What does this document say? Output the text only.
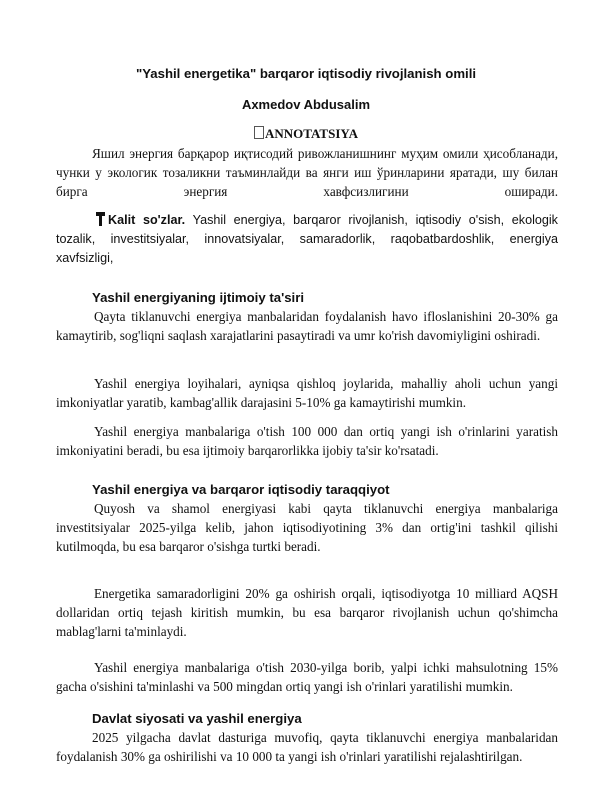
"Yashil energetika" barqaror iqtisodiy rivojlanish omili
Axmedov Abdusalim
ANNOTATSIYA

Яшил энергия барқарор иқтисодий ривожланишнинг муҳим омили ҳисобланади, чунки у экологик тозаликни таъминлайди ва янги иш ўринларини яратади, шу билан бирга энергия хавфсизлигини оширади.

Kalit so'zlar. Yashil energiya, barqaror rivojlanish, iqtisodiy o'sish, ekologik tozalik, investitsiyalar, innovatsiyalar, samaradorlik, raqobatbardoshlik, energiya xavfsizligi,

Yashil energiyaning ijtimoiy ta'siri

Qayta tiklanuvchi energiya manbalaridan foydalanish havo ifloslanishini 20-30% ga kamaytirib, sog'liqni saqlash xarajatlarini pasaytiradi va umr ko'rish davomiyligini oshiradi.

Yashil energiya loyihalari, ayniqsa qishloq joylarida, mahalliy aholi uchun yangi imkoniyatlar yaratib, kambag'allik darajasini 5-10% ga kamaytirishi mumkin.

Yashil energiya manbalariga o'tish 100 000 dan ortiq yangi ish o'rinlarini yaratish imkoniyatini beradi, bu esa ijtimoiy barqarorlikka ijobiy ta'sir ko'rsatadi.

Yashil energiya va barqaror iqtisodiy taraqqiyot

Quyosh va shamol energiyasi kabi qayta tiklanuvchi energiya manbalariga investitsiyalar 2025-yilga kelib, jahon iqtisodiyotining 3% dan ortig'ini tashkil qilishi kutilmoqda, bu esa barqaror o'sishga turtki beradi.

Energetika samaradorligini 20% ga oshirish orqali, iqtisodiyotga 10 milliard AQSH dollaridan ortiq tejash kiritish mumkin, bu esa barqaror rivojlanish uchun qo'shimcha mablag'larni ta'minlaydi.

Yashil energiya manbalariga o'tish 2030-yilga borib, yalpi ichki mahsulotning 15% gacha o'sishini ta'minlashi va 500 mingdan ortiq yangi ish o'rinlari yaratilishi mumkin.

Davlat siyosati va yashil energiya

2025 yilgacha davlat dasturiga muvofiq, qayta tiklanuvchi energiya manbalaridan foydalanish 30% ga oshirilishi va 10 000 ta yangi ish o'rinlari yaratilishi rejalashtirilgan.
